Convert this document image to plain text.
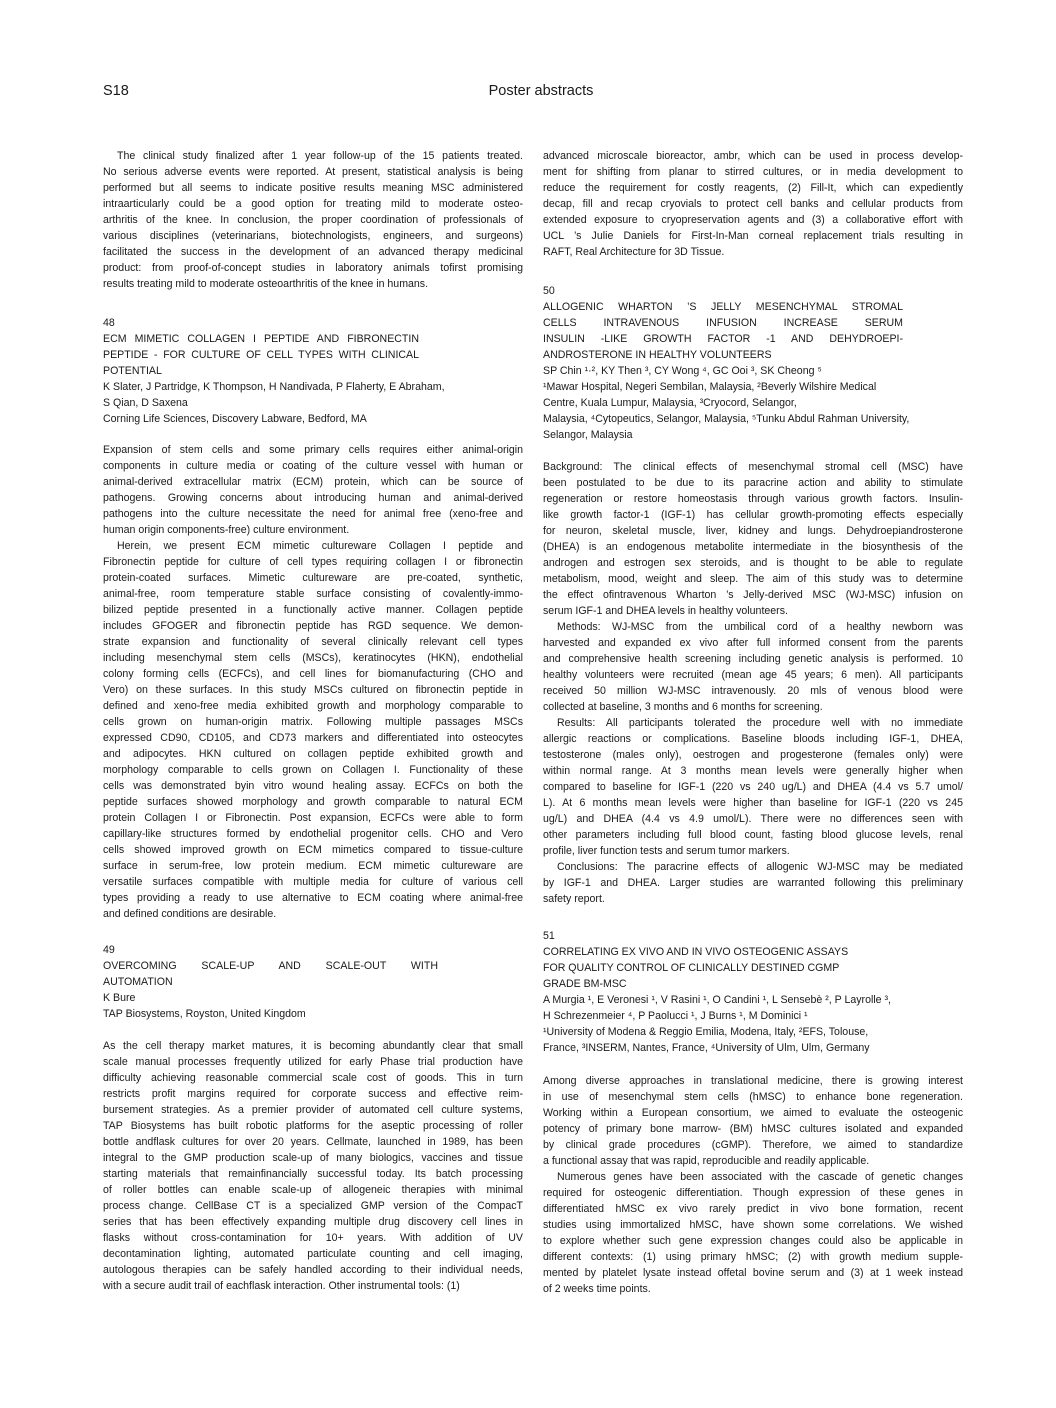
S18	Poster abstracts
The clinical study finalized after 1 year follow-up of the 15 patients treated.
No serious adverse events were reported. At present, statistical analysis is being
performed but all seems to indicate positive results meaning MSC administered
intraarticularly could be a good option for treating mild to moderate osteo-
arthritis of the knee. In conclusion, the proper coordination of professionals of
various disciplines (veterinarians, biotechnologists, engineers, and surgeons)
facilitated the success in the development of an advanced therapy medicinal
product: from proof-of-concept studies in laboratory animals tofirst promising
results treating mild to moderate osteoarthritis of the knee in humans.
48
ECM MIMETIC COLLAGEN I PEPTIDE AND FIBRONECTIN
PEPTIDE - FOR CULTURE OF CELL TYPES WITH CLINICAL
POTENTIAL
K Slater, J Partridge, K Thompson, H Nandivada, P Flaherty, E Abraham,
S Qian, D Saxena
Corning Life Sciences, Discovery Labware, Bedford, MA
Expansion of stem cells and some primary cells requires either animal-origin
components in culture media or coating of the culture vessel with human or
animal-derived extracellular matrix (ECM) protein, which can be source of
pathogens. Growing concerns about introducing human and animal-derived
pathogens into the culture necessitate the need for animal free (xeno-free and
human origin components-free) culture environment.
Herein, we present ECM mimetic cultureware Collagen I peptide and
Fibronectin peptide for culture of cell types requiring collagen I or fibronectin
protein-coated surfaces. Mimetic cultureware are pre-coated, synthetic,
animal-free, room temperature stable surface consisting of covalently-immo-
bilized peptide presented in a functionally active manner. Collagen peptide
includes GFOGER and fibronectin peptide has RGD sequence. We demon-
strate expansion and functionality of several clinically relevant cell types
including mesenchymal stem cells (MSCs), keratinocytes (HKN), endothelial
colony forming cells (ECFCs), and cell lines for biomanufacturing (CHO and
Vero) on these surfaces. In this study MSCs cultured on fibronectin peptide in
defined and xeno-free media exhibited growth and morphology comparable to
cells grown on human-origin matrix. Following multiple passages MSCs
expressed CD90, CD105, and CD73 markers and differentiated into osteocytes
and adipocytes. HKN cultured on collagen peptide exhibited growth and
morphology comparable to cells grown on Collagen I. Functionality of these
cells was demonstrated byin vitro wound healing assay. ECFCs on both the
peptide surfaces showed morphology and growth comparable to natural ECM
protein Collagen I or Fibronectin. Post expansion, ECFCs were able to form
capillary-like structures formed by endothelial progenitor cells. CHO and Vero
cells showed improved growth on ECM mimetics compared to tissue-culture
surface in serum-free, low protein medium. ECM mimetic cultureware are
versatile surfaces compatible with multiple media for culture of various cell
types providing a ready to use alternative to ECM coating where animal-free
and defined conditions are desirable.
49
OVERCOMING SCALE-UP AND SCALE-OUT WITH
AUTOMATION
K Bure
TAP Biosystems, Royston, United Kingdom
As the cell therapy market matures, it is becoming abundantly clear that small
scale manual processes frequently utilized for early Phase trial production have
difficulty achieving reasonable commercial scale cost of goods. This in turn
restricts profit margins required for corporate success and effective reim-
bursement strategies. As a premier provider of automated cell culture systems,
TAP Biosystems has built robotic platforms for the aseptic processing of roller
bottle andflask cultures for over 20 years. Cellmate, launched in 1989, has been
integral to the GMP production scale-up of many biologics, vaccines and tissue
starting materials that remainfinancially successful today. Its batch processing
of roller bottles can enable scale-up of allogeneic therapies with minimal
process change. CellBase CT is a specialized GMP version of the CompacT
series that has been effectively expanding multiple drug discovery cell lines in
flasks without cross-contamination for 10+ years. With addition of UV
decontamination lighting, automated particulate counting and cell imaging,
autologous therapies can be safely handled according to their individual needs,
with a secure audit trail of eachflask interaction. Other instrumental tools: (1)
advanced microscale bioreactor, ambr, which can be used in process develop-
ment for shifting from planar to stirred cultures, or in media development to
reduce the requirement for costly reagents, (2) Fill-It, which can expediently
decap, fill and recap cryovials to protect cell banks and cellular products from
extended exposure to cryopreservation agents and (3) a collaborative effort with
UCL ’s Julie Daniels for First-In-Man corneal replacement trials resulting in
RAFT, Real Architecture for 3D Tissue.
50
ALLOGENIC WHARTON ’S JELLY MESENCHYMAL STROMAL
CELLS INTRAVENOUS INFUSION INCREASE SERUM
INSULIN -LIKE GROWTH FACTOR -1 AND DEHYDROEPI-
ANDROSTERONE IN HEALTHY VOLUNTEERS
SP Chin ¹·², KY Then ³, CY Wong ⁴, GC Ooi ³, SK Cheong ⁵
¹Mawar Hospital, Negeri Sembilan, Malaysia, ²Beverly Wilshire Medical
Centre, Kuala Lumpur, Malaysia, ³Cryocord, Selangor,
Malaysia, ⁴Cytopeutics, Selangor, Malaysia, ⁵Tunku Abdul Rahman University,
Selangor, Malaysia
Background: The clinical effects of mesenchymal stromal cell (MSC) have
been postulated to be due to its paracrine action and ability to stimulate
regeneration or restore homeostasis through various growth factors. Insulin-
like growth factor-1 (IGF-1) has cellular growth-promoting effects especially
for neuron, skeletal muscle, liver, kidney and lungs. Dehydroepiandrosterone
(DHEA) is an endogenous metabolite intermediate in the biosynthesis of the
androgen and estrogen sex steroids, and is thought to be able to regulate
metabolism, mood, weight and sleep. The aim of this study was to determine
the effect ofintravenous Wharton ’s Jelly-derived MSC (WJ-MSC) infusion on
serum IGF-1 and DHEA levels in healthy volunteers.
Methods: WJ-MSC from the umbilical cord of a healthy newborn was
harvested and expanded ex vivo after full informed consent from the parents
and comprehensive health screening including genetic analysis is performed. 10
healthy volunteers were recruited (mean age 45 years; 6 men). All participants
received 50 million WJ-MSC intravenously. 20 mls of venous blood were
collected at baseline, 3 months and 6 months for screening.
Results: All participants tolerated the procedure well with no immediate
allergic reactions or complications. Baseline bloods including IGF-1, DHEA,
testosterone (males only), oestrogen and progesterone (females only) were
within normal range. At 3 months mean levels were generally higher when
compared to baseline for IGF-1 (220 vs 240 ug/L) and DHEA (4.4 vs 5.7 umol/
L). At 6 months mean levels were higher than baseline for IGF-1 (220 vs 245
ug/L) and DHEA (4.4 vs 4.9 umol/L). There were no differences seen with
other parameters including full blood count, fasting blood glucose levels, renal
profile, liver function tests and serum tumor markers.
Conclusions: The paracrine effects of allogenic WJ-MSC may be mediated
by IGF-1 and DHEA. Larger studies are warranted following this preliminary
safety report.
51
CORRELATING EX VIVO AND IN VIVO OSTEOGENIC ASSAYS
FOR QUALITY CONTROL OF CLINICALLY DESTINED CGMP
GRADE BM-MSC
A Murgia ¹, E Veronesi ¹, V Rasini ¹, O Candini ¹, L Sensebè ², P Layrolle ³,
H Schrezenmeier ⁴, P Paolucci ¹, J Burns ¹, M Dominici ¹
¹University of Modena & Reggio Emilia, Modena, Italy, ²EFS, Tolouse,
France, ³INSERM, Nantes, France, ⁴University of Ulm, Ulm, Germany
Among diverse approaches in translational medicine, there is growing interest
in use of mesenchymal stem cells (hMSC) to enhance bone regeneration.
Working within a European consortium, we aimed to evaluate the osteogenic
potency of primary bone marrow- (BM) hMSC cultures isolated and expanded
by clinical grade procedures (cGMP). Therefore, we aimed to standardize
a functional assay that was rapid, reproducible and readily applicable.
Numerous genes have been associated with the cascade of genetic changes
required for osteogenic differentiation. Though expression of these genes in
differentiated hMSC ex vivo rarely predict in vivo bone formation, recent
studies using immortalized hMSC, have shown some correlations. We wished
to explore whether such gene expression changes could also be applicable in
different contexts: (1) using primary hMSC; (2) with growth medium supple-
mented by platelet lysate instead offetal bovine serum and (3) at 1 week instead
of 2 weeks time points.
